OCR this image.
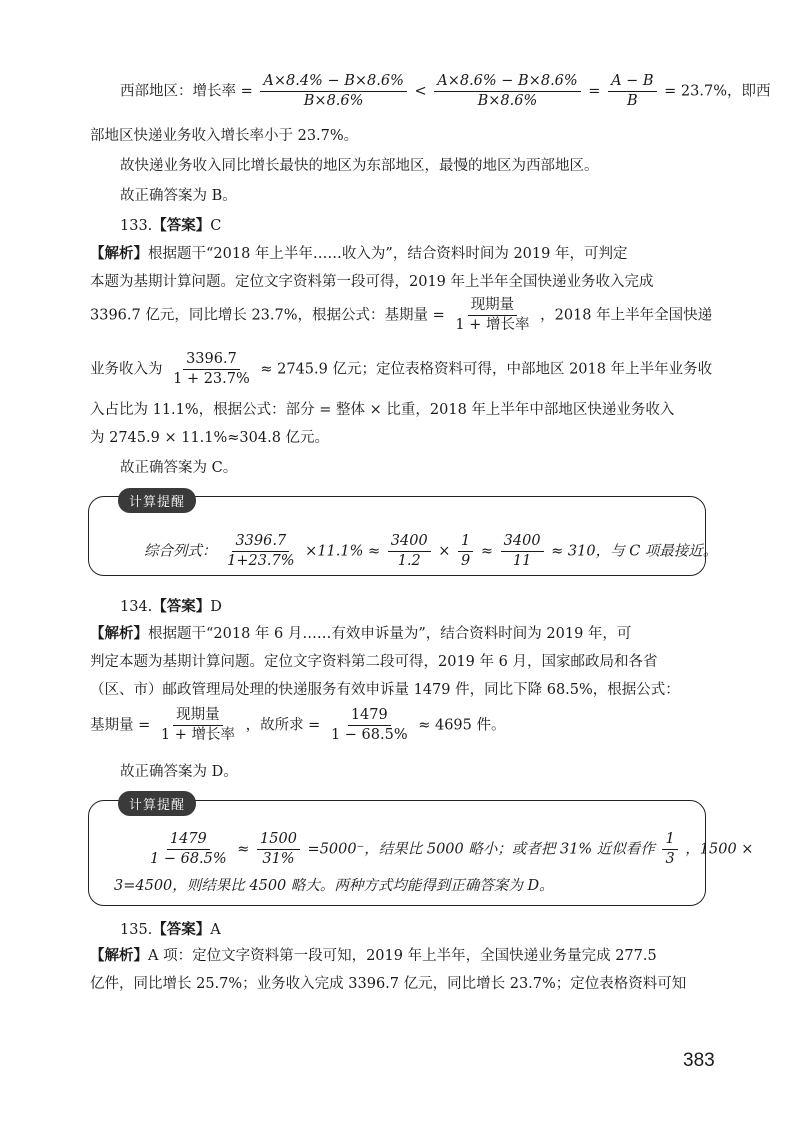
西部地区：增长率 = $\frac{A\times 8.4\% - B\times 8.6\%}{B\times 8.6\%} < \frac{A\times 8.6\% - B\times 8.6\%}{B\times 8.6\%} = \frac{A - B}{B} = 23.7\%$，即西
部地区快递业务收入增长率小于 23.7%。
故快递业务收入同比增长最快的地区为东部地区，最慢的地区为西部地区。
故正确答案为 B。
133.【答案】C
【解析】根据题干“2018 年上半年……收入为”，结合资料时间为 2019 年，可判定
本题为基期计算问题。定位文字资料第一段可得，2019 年上半年全国快递业务收入完成
3396.7 亿元，同比增长 23.7%，根据公式：基期量 = $\frac{\text{现期量}}{\text{1 + 增长率}}$ ，2018 年上半年全国快递
业务收入为 $\frac{3396.7}{1 + 23.7\%} \approx 2745.9$ 亿元；定位表格资料可得，中部地区 2018 年上半年业务收
入占比为 11.1%，根据公式：部分 = 整体 × 比重，2018 年上半年中部地区快递业务收入
为 2745.9 × 11.1%≈304.8 亿元。
故正确答案为 C。
计算提醒
综合列式： $\frac{3396.7}{1+23.7\%} \times 11.1\% \approx \frac{3400}{1.2} \times \frac{1}{9} \approx \frac{3400}{11} \approx 310$，与 C 项最接近。
134.【答案】D
【解析】根据题干“2018 年 6 月……有效申诉量为”，结合资料时间为 2019 年，可
判定本题为基期计算问题。定位文字资料第二段可得，2019 年 6 月，国家邮政局和各省
（区、市）邮政管理局处理的快递服务有效申诉量 1479 件，同比下降 68.5%，根据公式：
基期量 = $\frac{\text{现期量}}{\text{1 + 增长率}}$ ，故所求 = $\frac{1479}{1 - 68.5\%} \approx 4695$ 件。
故正确答案为 D。
计算提醒
$\frac{1479}{1 - 68.5\%} \approx \frac{1500}{31\%} =5000^-$，结果比 5000 略小；或者把 31% 近似看作 $\frac{1}{3}$ ，1500 ×
3=4500，则结果比 4500 略大。两种方式均能得到正确答案为 D。
135.【答案】A
【解析】A 项：定位文字资料第一段可知，2019 年上半年，全国快递业务量完成 277.5
亿件，同比增长 25.7%；业务收入完成 3396.7 亿元，同比增长 23.7%；定位表格资料可知
383
